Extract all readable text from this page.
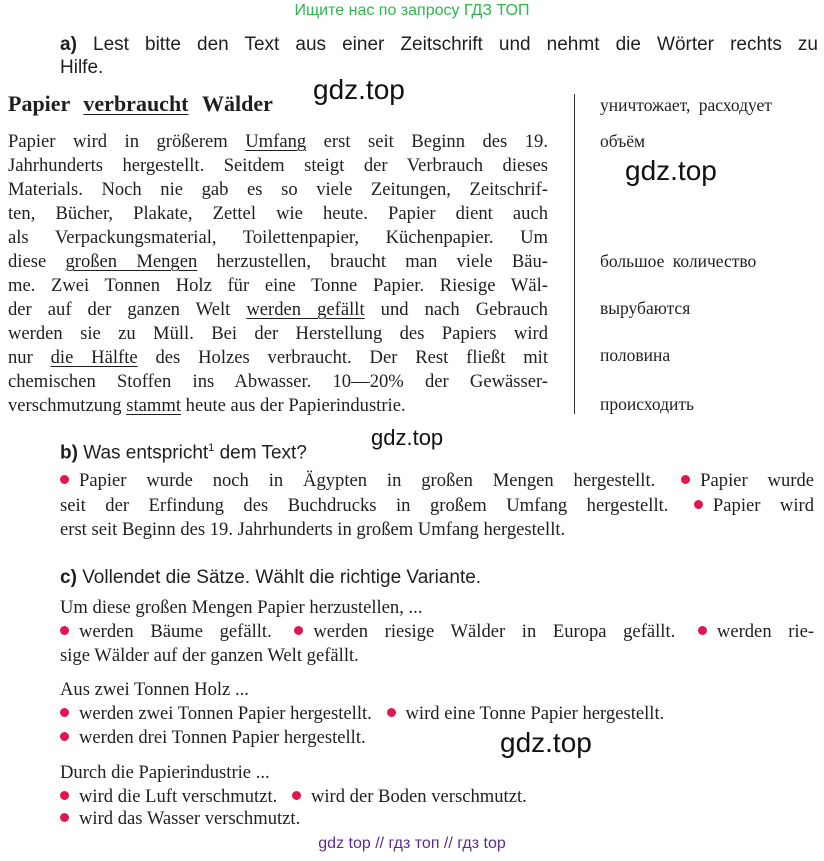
Ищите нас по запросу ГДЗ ТОП
a) Lest bitte den Text aus einer Zeitschrift und nehmt die Wörter rechts zu
Hilfe.
Papier verbraucht Wälder gdz.top
Papier wird in größerem Umfang erst seit Beginn des 19.
Jahrhunderts hergestellt. Seitdem steigt der Verbrauch dieses
Materials. Noch nie gab es so viele Zeitungen, Zeitschrif-
ten, Bücher, Plakate, Zettel wie heute. Papier dient auch
als Verpackungsmaterial, Toilettenpapier, Küchenpapier. Um
diese großen Mengen herzustellen, braucht man viele Bäu-
me. Zwei Tonnen Holz für eine Tonne Papier. Riesige Wäl-
der auf der ganzen Welt werden gefällt und nach Gebrauch
werden sie zu Müll. Bei der Herstellung des Papiers wird
nur die Hälfte des Holzes verbraucht. Der Rest fließt mit
chemischen Stoffen ins Abwasser. 10—20% der Gewässer-
verschmutzung stammt heute aus der Papierindustrie.
уничтожает, расходует
объём
gdz.top
большое количество
вырубаются
половина
происходить
b) Was entspricht$^1$ dem Text?
gdz.top
Papier wurde noch in Ägypten in großen Mengen hergestellt. Papier wurde
seit der Erfindung des Buchdrucks in großem Umfang hergestellt. Papier wird
erst seit Beginn des 19. Jahrhunderts in großem Umfang hergestellt.
c) Vollendet die Sätze. Wählt die richtige Variante.
Um diese großen Mengen Papier herzustellen, ...
werden Bäume gefällt. werden riesige Wälder in Europa gefällt. werden rie-
sige Wälder auf der ganzen Welt gefällt.
Aus zwei Tonnen Holz ...
werden zwei Tonnen Papier hergestellt. wird eine Tonne Papier hergestellt.
werden drei Tonnen Papier hergestellt.	gdz.top
Durch die Papierindustrie ...
wird die Luft verschmutzt. wird der Boden verschmutzt.
wird das Wasser verschmutzt.
gdz top // гдз топ // гдз top
